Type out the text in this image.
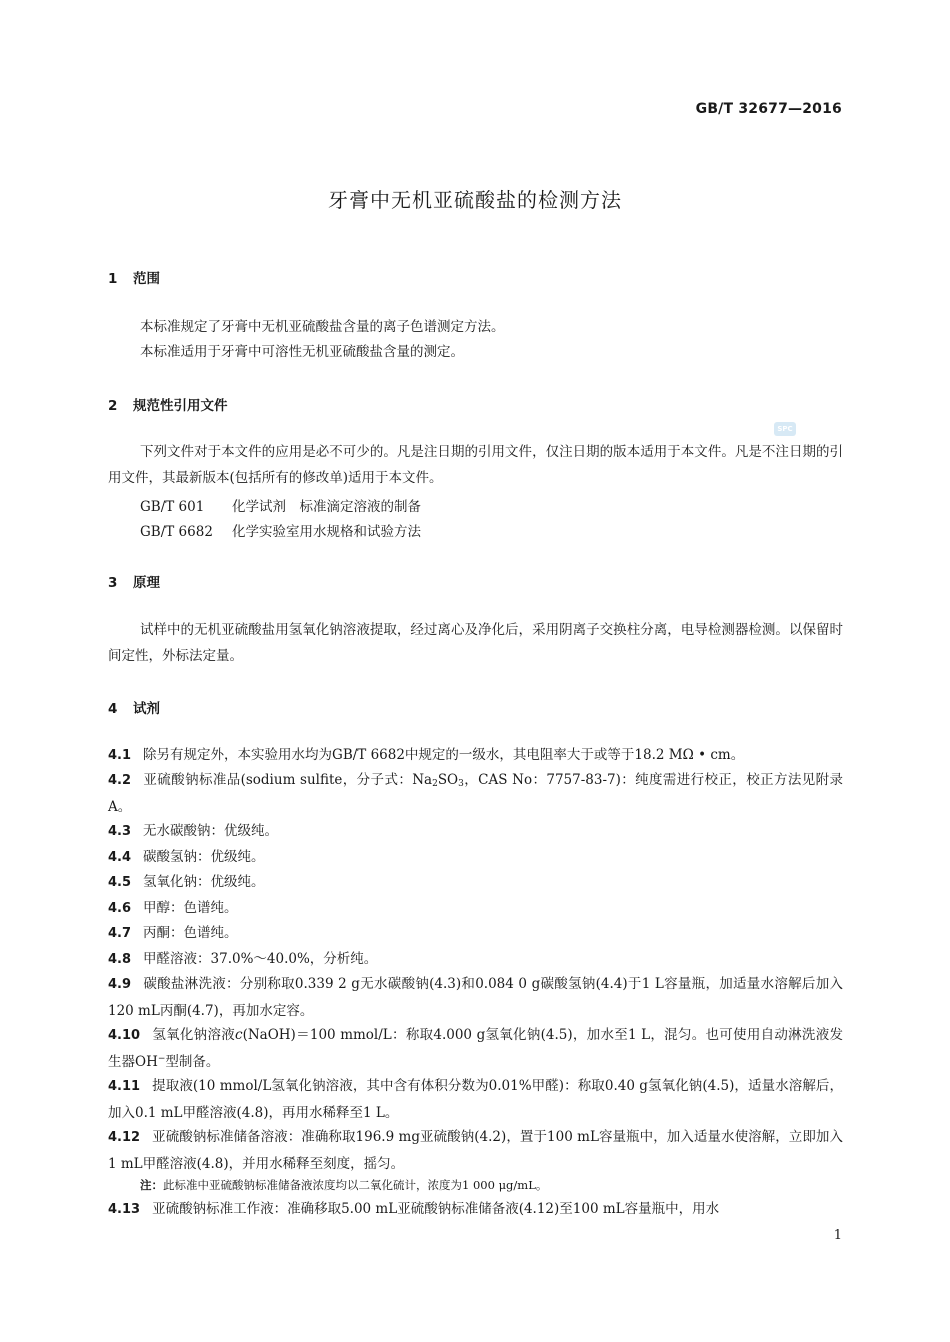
GB/T 32677—2016
牙膏中无机亚硫酸盐的检测方法
SPC
1 范围
本标准规定了牙膏中无机亚硫酸盐含量的离子色谱测定方法。
本标准适用于牙膏中可溶性无机亚硫酸盐含量的测定。
2 规范性引用文件
下列文件对于本文件的应用是必不可少的。凡是注日期的引用文件，仅注日期的版本适用于本文件。凡是不注日期的引用文件，其最新版本(包括所有的修改单)适用于本文件。
GB/T 601 化学试剂　标准滴定溶液的制备
GB/T 6682 化学实验室用水规格和试验方法
3 原理
试样中的无机亚硫酸盐用氢氧化钠溶液提取，经过离心及净化后，采用阴离子交换柱分离，电导检测器检测。以保留时间定性，外标法定量。
4 试剂
4.1 除另有规定外，本实验用水均为GB/T 6682中规定的一级水，其电阻率大于或等于18.2 MΩ • cm。
4.2 亚硫酸钠标准品(sodium sulfite，分子式：$Na_2SO_3$，CAS No：7757-83-7)：纯度需进行校正，校正方法见附录A。
4.3 无水碳酸钠：优级纯。
4.4 碳酸氢钠：优级纯。
4.5 氢氧化钠：优级纯。
4.6 甲醇：色谱纯。
4.7 丙酮：色谱纯。
4.8 甲醛溶液：37.0%～40.0%，分析纯。
4.9 碳酸盐淋洗液：分别称取0.339 2 g无水碳酸钠(4.3)和0.084 0 g碳酸氢钠(4.4)于1 L容量瓶，加适量水溶解后加入120 mL丙酮(4.7)，再加水定容。
4.10 氢氧化钠溶液c(NaOH)＝100 mmol/L：称取4.000 g氢氧化钠(4.5)，加水至1 L，混匀。也可使用自动淋洗液发生器OH−型制备。
4.11 提取液(10 mmol/L氢氧化钠溶液，其中含有体积分数为0.01%甲醛)：称取0.40 g氢氧化钠(4.5)，适量水溶解后，加入0.1 mL甲醛溶液(4.8)，再用水稀释至1 L。
4.12 亚硫酸钠标准储备溶液：准确称取196.9 mg亚硫酸钠(4.2)，置于100 mL容量瓶中，加入适量水使溶解，立即加入1 mL甲醛溶液(4.8)，并用水稀释至刻度，摇匀。
注：此标准中亚硫酸钠标准储备液浓度均以二氧化硫计，浓度为1 000 μg/mL。
4.13 亚硫酸钠标准工作液：准确移取5.00 mL亚硫酸钠标准储备液(4.12)至100 mL容量瓶中，用水
1
